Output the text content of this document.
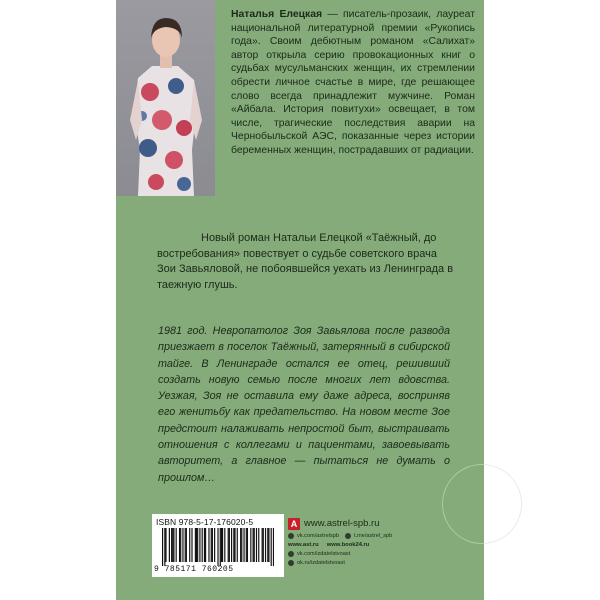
Наталья Елецкая — писатель-прозаик, лауреат национальной литературной премии «Рукопись года». Своим дебютным романом «Салихат» автор открыла серию провокационных книг о судьбах мусульманских женщин, их стремлении обрести личное счастье в мире, где решающее слово всегда принадлежит мужчине. Роман «Айбала. История повитухи» освещает, в том числе, трагические последствия аварии на Чернобыльской АЭС, показанные через истории беременных женщин, пострадавших от радиации.
Новый роман Натальи Елецкой «Таёжный, до востребования» повествует о судьбе советского врача Зои Завьяловой, не побоявшейся уехать из Ленинграда в таежную глушь.
1981 год. Невропатолог Зоя Завьялова после развода приезжает в поселок Таёжный, затерянный в сибирской тайге. В Ленинграде остался ее отец, решивший создать новую семью после многих лет вдовства. Уезжая, Зоя не оставила ему даже адреса, восприняв его женитьбу как предательство. На новом месте Зое предстоит налаживать непростой быт, выстраивать отношения с коллегами и пациентами, завоевывать авторитет, а главное — пытаться не думать о прошлом…
ISBN 978-5-17-176020-5
9 785171 760205
А www.astrel-spb.ru
vk.com/astrelspb	t.me/astrel_spb
www.ast.ru www.book24.ru
vk.com/izdatelstvoast
ok.ru/izdatelstvoast
